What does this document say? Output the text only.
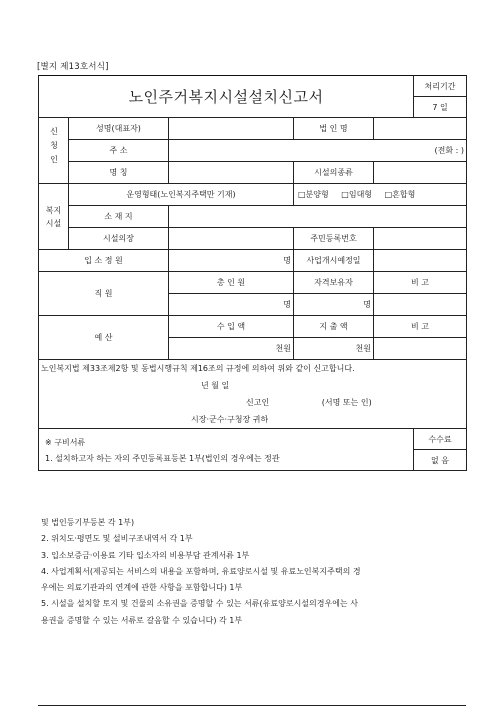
[별지 제13호서식]
노인주거복지시설설치신고서					처리기간
					7 일
신청인	성명(대표자)		법 인 명		
	주 소	(전화 : )			
	명 칭		시설의종류		
복지시설	운영형태(노인복지주택만 기재)		□분양형 □임대형 □혼합형		
	소 재 지				
	시설의장		주민등록번호		
입 소 정 원		명	사업개시예정일		
직 원		총 인 원	자격보유자	비 고	
		명	명		
예 산		수 입 액	지 출 액	비 고	
		천원	천원		

노인복지법 제33조제2항 및 동법시행규칙 제16조의 규정에 의하여 위와 같이 신고합니다.
년 월 일
신고인 (서명 또는 인)
시장·군수·구청장 귀하					

※ 구비서류
1. 설치하고자 하는 자의 주민등록표등본 1부(법인의 경우에는 정관					수수료
					없 음
및 법인등기부등본 각 1부)
2. 위치도·평면도 및 설비구조내역서 각 1부
3. 입소보증금·이용료 기타 입소자의 비용부담 관계서류 1부
4. 사업계획서(제공되는 서비스의 내용을 포함하며, 유료양로시설 및 유료노인복지주택의 경
우에는 의료기관과의 연계에 관한 사항을 포함합니다) 1부
5. 시설을 설치할 토지 및 건물의 소유권을 증명할 수 있는 서류(유료양로시설의경우에는 사
용권을 증명할 수 있는 서류로 갈음할 수 있습니다) 각 1부
